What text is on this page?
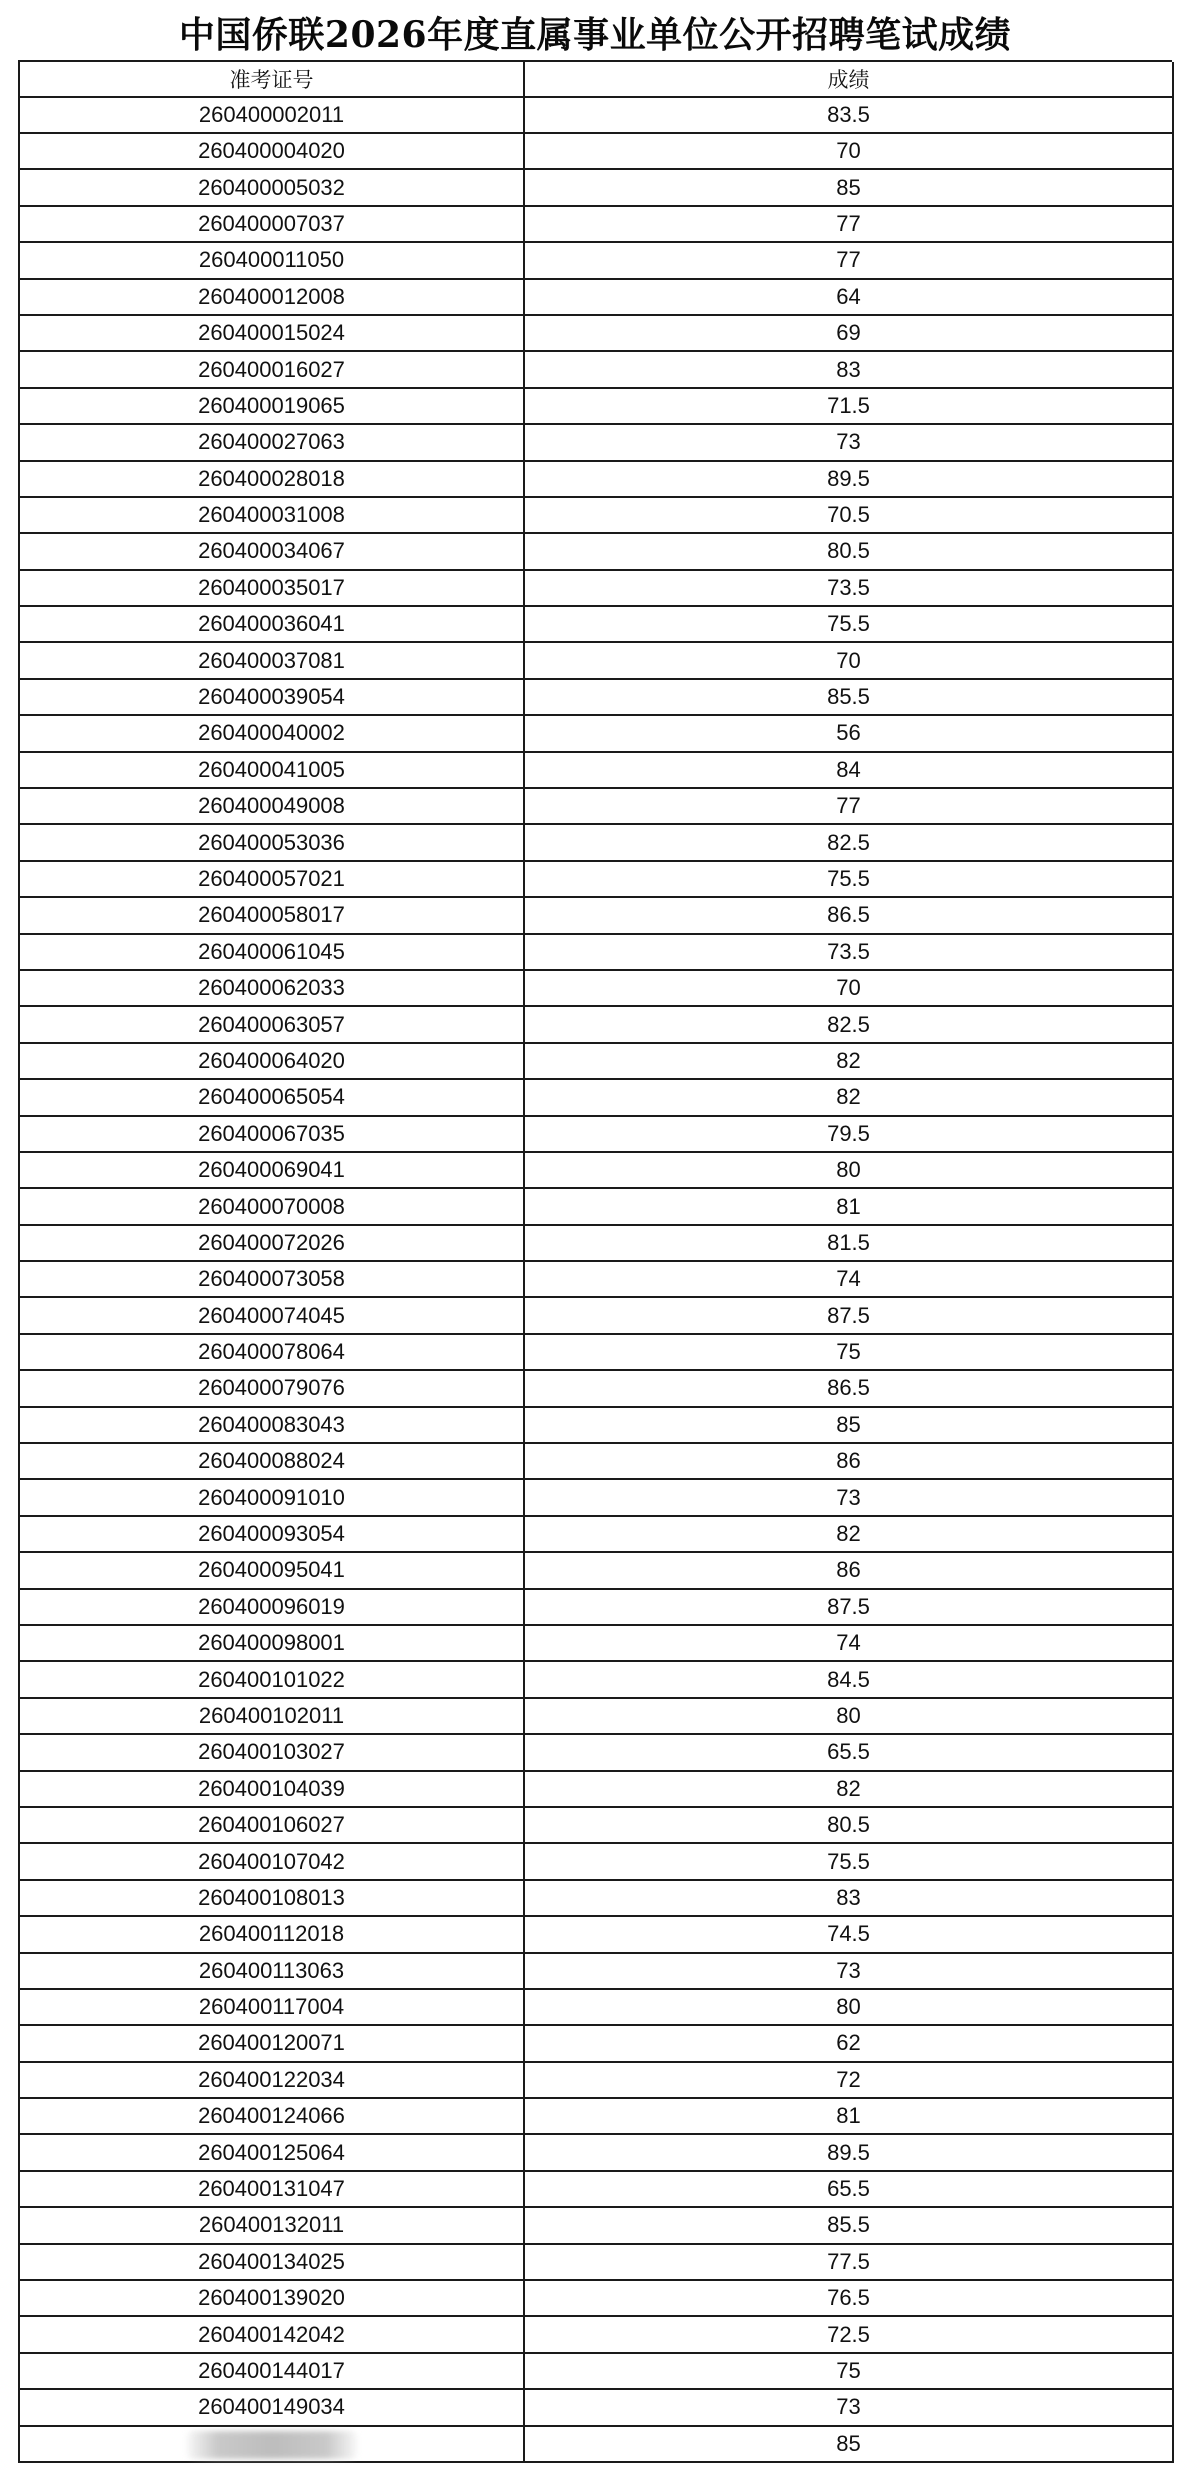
中国侨联2026年度直属事业单位公开招聘笔试成绩
准考证号	成绩
260400002011	83.5
260400004020	70
260400005032	85
260400007037	77
260400011050	77
260400012008	64
260400015024	69
260400016027	83
260400019065	71.5
260400027063	73
260400028018	89.5
260400031008	70.5
260400034067	80.5
260400035017	73.5
260400036041	75.5
260400037081	70
260400039054	85.5
260400040002	56
260400041005	84
260400049008	77
260400053036	82.5
260400057021	75.5
260400058017	86.5
260400061045	73.5
260400062033	70
260400063057	82.5
260400064020	82
260400065054	82
260400067035	79.5
260400069041	80
260400070008	81
260400072026	81.5
260400073058	74
260400074045	87.5
260400078064	75
260400079076	86.5
260400083043	85
260400088024	86
260400091010	73
260400093054	82
260400095041	86
260400096019	87.5
260400098001	74
260400101022	84.5
260400102011	80
260400103027	65.5
260400104039	82
260400106027	80.5
260400107042	75.5
260400108013	83
260400112018	74.5
260400113063	73
260400117004	80
260400120071	62
260400122034	72
260400124066	81
260400125064	89.5
260400131047	65.5
260400132011	85.5
260400134025	77.5
260400139020	76.5
260400142042	72.5
260400144017	75
260400149034	73
	85
